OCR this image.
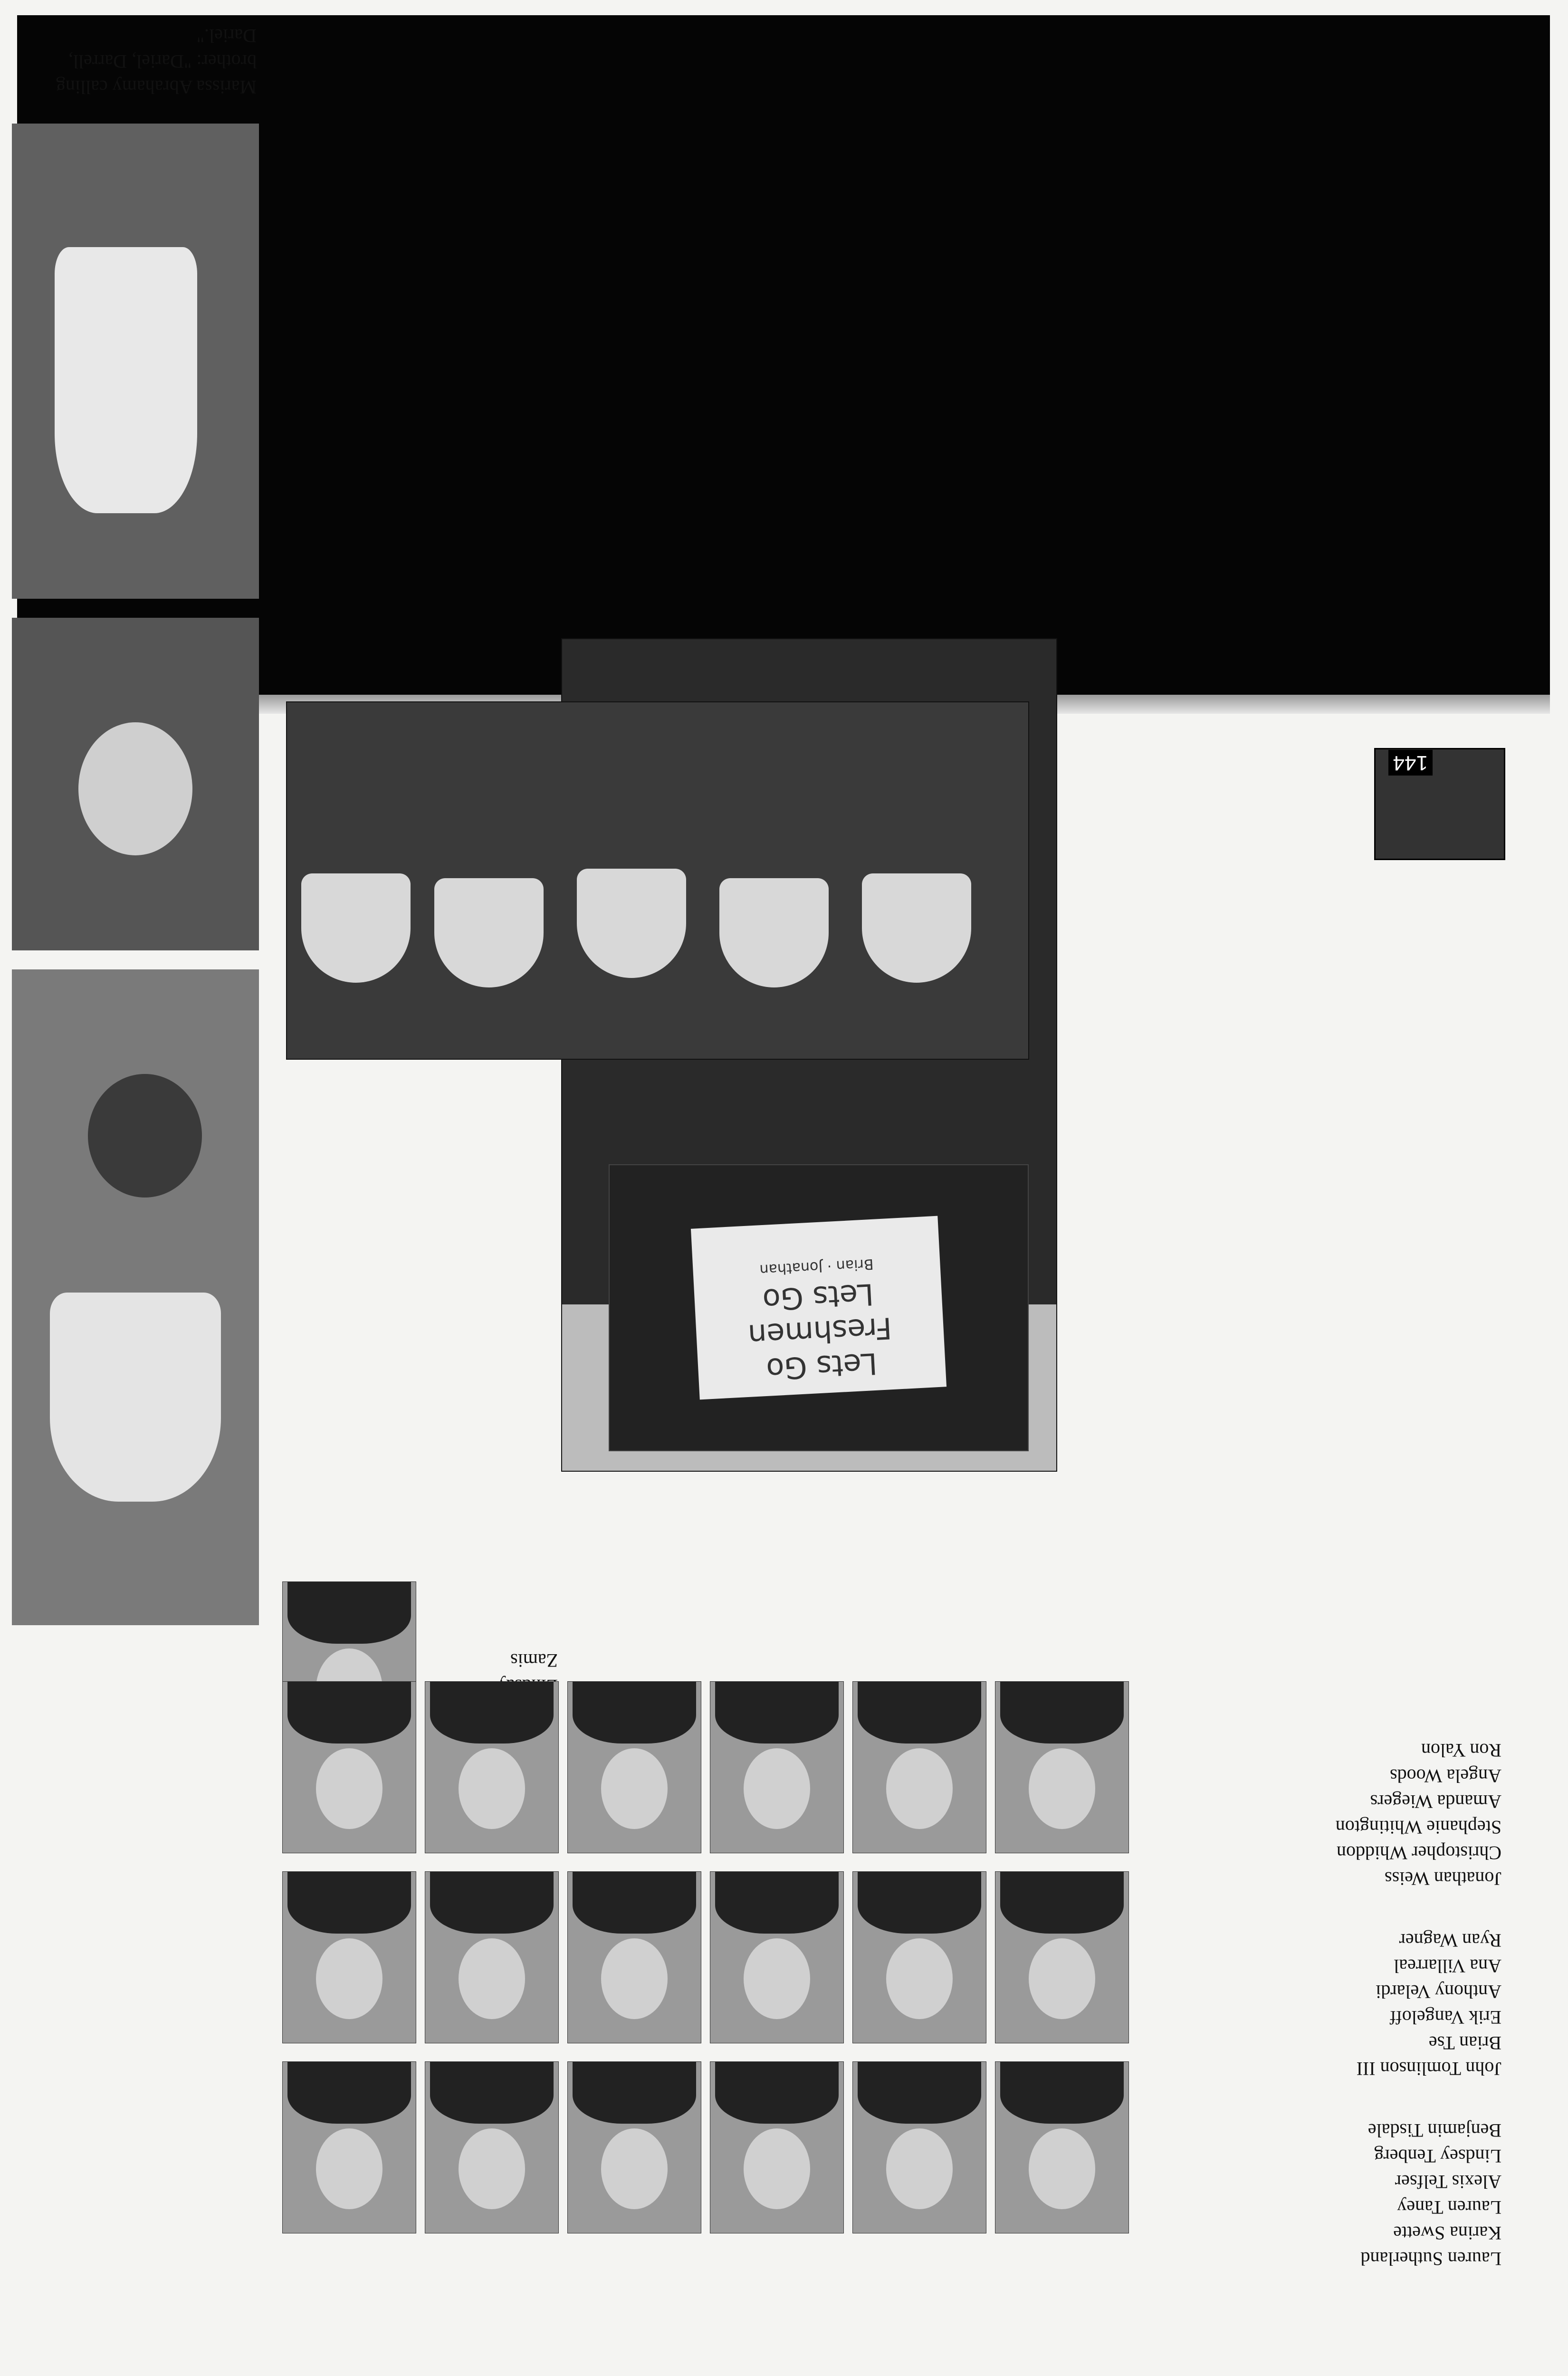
144
Lets Go
Freshmen
Lets Go
Brian · Jonathan
Zamis
Lauren Sutherland
Karina Swette
Lauren Taney
Alexis Telfser
Lindsey Tenberg
Benjamin Tisdale
John Tomlinson III
Brian Tse
Erik Vangeloff
Anthony Velardi
Ana Villarreal
Ryan Wagner
Jonathan Weiss
Christopher Whiddon
Stephanie Whitington
Amanda Wiegers
Angela Woods
Ron Yalon
Marissa Abrahamy calling brother: "Dariel, Darrell, Dariel."
